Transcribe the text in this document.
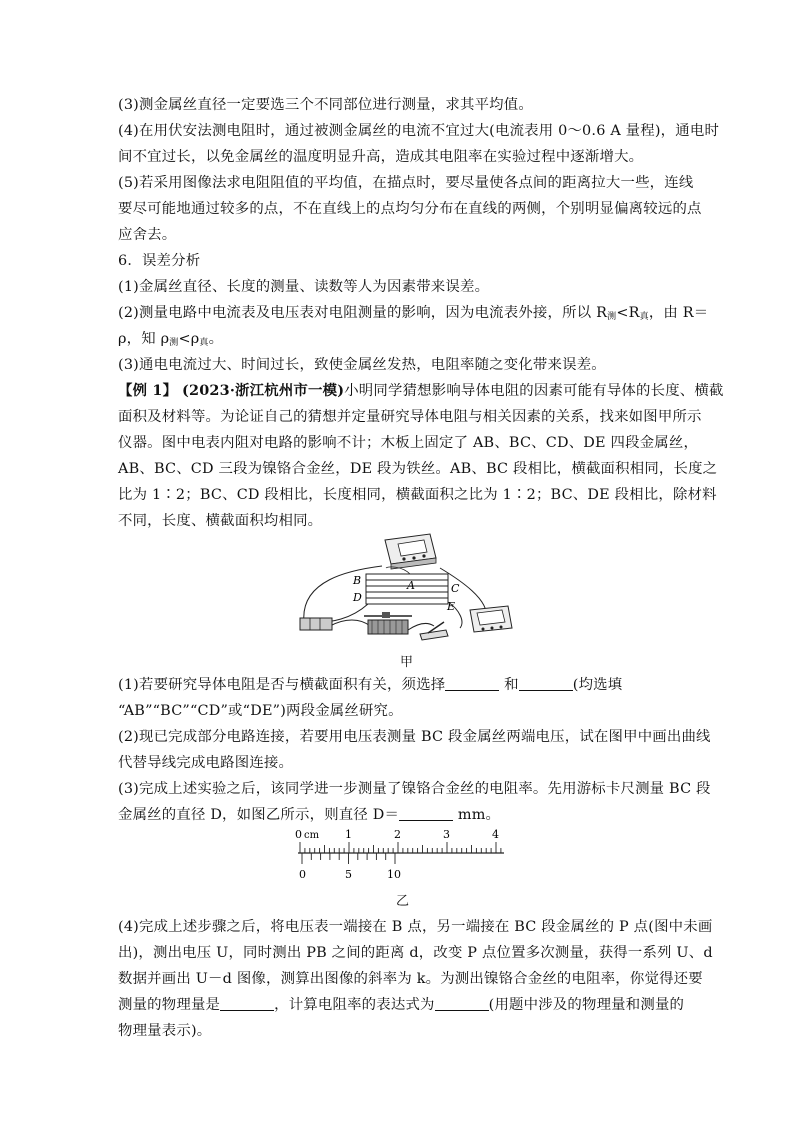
(3)测金属丝直径一定要选三个不同部位进行测量，求其平均值。
(4)在用伏安法测电阻时，通过被测金属丝的电流不宜过大(电流表用 0～0.6 A 量程)，通电时
间不宜过长，以免金属丝的温度明显升高，造成其电阻率在实验过程中逐渐增大。
(5)若采用图像法求电阻阻值的平均值，在描点时，要尽量使各点间的距离拉大一些，连线
要尽可能地通过较多的点，不在直线上的点均匀分布在直线的两侧，个别明显偏离较远的点
应舍去。
6．误差分析
(1)金属丝直径、长度的测量、读数等人为因素带来误差。
(2)测量电路中电流表及电压表对电阻测量的影响，因为电流表外接，所以 $R_测<R_真$，由 R＝
ρ，知 $\rho_测<\rho_真$。
(3)通电电流过大、时间过长，致使金属丝发热，电阻率随之变化带来误差。
【例 1】 (2023·浙江杭州市一模)小明同学猜想影响导体电阻的因素可能有导体的长度、横截
面积及材料等。为论证自己的猜想并定量研究导体电阻与相关因素的关系，找来如图甲所示
仪器。图中电表内阻对电路的影响不计；木板上固定了 AB、BC、CD、DE 四段金属丝，
AB、BC、CD 三段为镍铬合金丝，DE 段为铁丝。AB、BC 段相比，横截面积相同，长度之
比为 1∶2；BC、CD 段相比，长度相同，横截面积之比为 1∶2；BC、DE 段相比，除材料
不同，长度、横截面积均相同。
B	A	C
D
E
甲
(1)若要研究导体电阻是否与横截面积有关，须选择	和	(均选填
“AB”“BC”“CD”或“DE”)两段金属丝研究。
(2)现已完成部分电路连接，若要用电压表测量 BC 段金属丝两端电压，试在图甲中画出曲线
代替导线完成电路图连接。
(3)完成上述实验之后，该同学进一步测量了镍铬合金丝的电阻率。先用游标卡尺测量 BC 段
金属丝的直径 D，如图乙所示，则直径 D＝	mm。
0 cm 1	2	3	4
0	5	10
乙
(4)完成上述步骤之后，将电压表一端接在 B 点，另一端接在 BC 段金属丝的 P 点(图中未画
出)，测出电压 U，同时测出 PB 之间的距离 d，改变 P 点位置多次测量，获得一系列 U、d
数据并画出 U－d 图像，测算出图像的斜率为 k。为测出镍铬合金丝的电阻率，你觉得还要
测量的物理量是	，计算电阻率的表达式为	(用题中涉及的物理量和测量的
物理量表示)。
